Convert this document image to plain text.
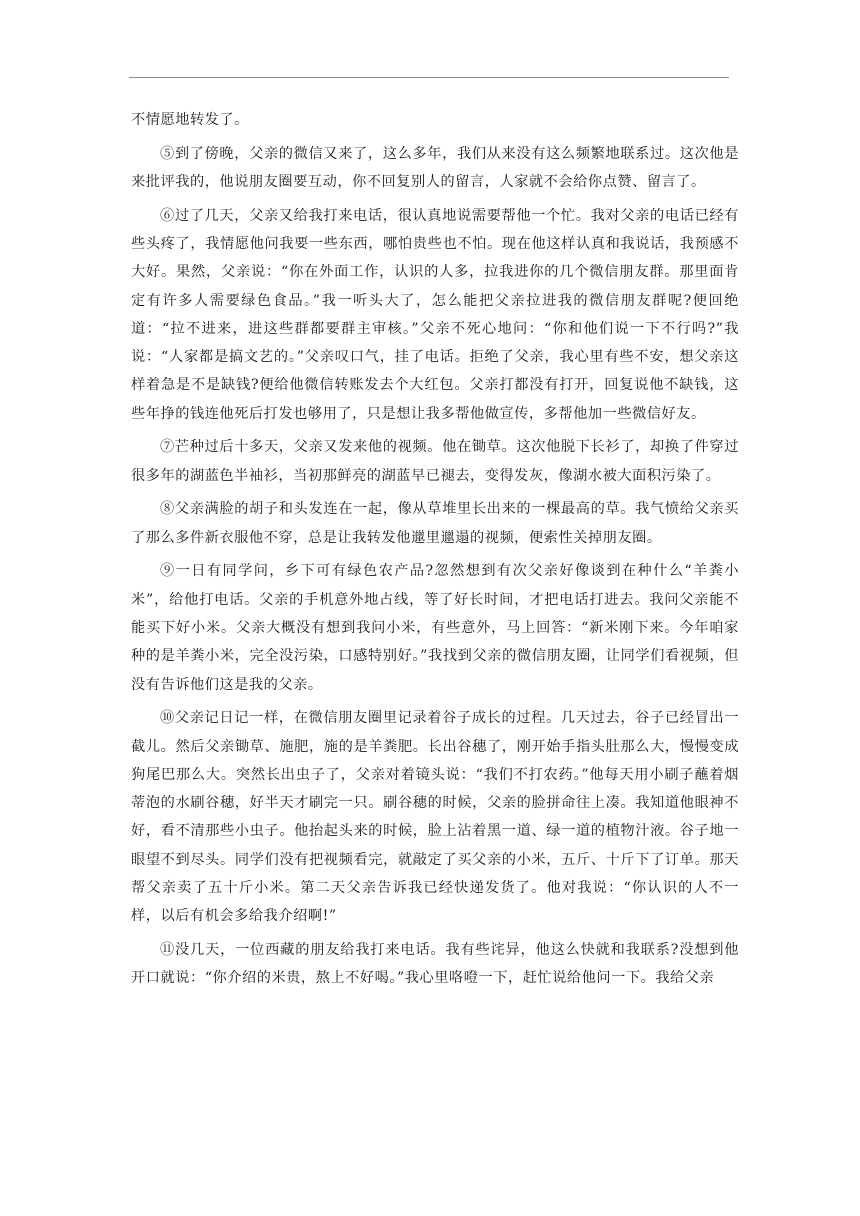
不情愿地转发了。

⑤到了傍晚，父亲的微信又来了，这么多年，我们从来没有这么频繁地联系过。这次他是来批评我的，他说朋友圈要互动，你不回复别人的留言，人家就不会给你点赞、留言了。

⑥过了几天，父亲又给我打来电话，很认真地说需要帮他一个忙。我对父亲的电话已经有些头疼了，我情愿他问我要一些东西，哪怕贵些也不怕。现在他这样认真和我说话，我预感不大好。果然，父亲说：“你在外面工作，认识的人多，拉我进你的几个微信朋友群。那里面肯定有许多人需要绿色食品。”我一听头大了，怎么能把父亲拉进我的微信朋友群呢?便回绝道：“拉不进来，进这些群都要群主审核。”父亲不死心地问：“你和他们说一下不行吗?”我说：“人家都是搞文艺的。”父亲叹口气，挂了电话。拒绝了父亲，我心里有些不安，想父亲这样着急是不是缺钱?便给他微信转账发去个大红包。父亲打都没有打开，回复说他不缺钱，这些年挣的钱连他死后打发也够用了，只是想让我多帮他做宣传，多帮他加一些微信好友。

⑦芒种过后十多天，父亲又发来他的视频。他在锄草。这次他脱下长衫了，却换了件穿过很多年的湖蓝色半袖衫，当初那鲜亮的湖蓝早已褪去，变得发灰，像湖水被大面积污染了。

⑧父亲满脸的胡子和头发连在一起，像从草堆里长出来的一棵最高的草。我气愤给父亲买了那么多件新衣服他不穿，总是让我转发他邋里邋遢的视频，便索性关掉朋友圈。

⑨一日有同学问，乡下可有绿色农产品?忽然想到有次父亲好像谈到在种什么“羊粪小米”，给他打电话。父亲的手机意外地占线，等了好长时间，才把电话打进去。我问父亲能不能买下好小米。父亲大概没有想到我问小米，有些意外，马上回答：“新米刚下来。今年咱家种的是羊粪小米，完全没污染，口感特别好。”我找到父亲的微信朋友圈，让同学们看视频，但没有告诉他们这是我的父亲。

⑩父亲记日记一样，在微信朋友圈里记录着谷子成长的过程。几天过去，谷子已经冒出一截儿。然后父亲锄草、施肥，施的是羊粪肥。长出谷穗了，刚开始手指头肚那么大，慢慢变成狗尾巴那么大。突然长出虫子了，父亲对着镜头说：“我们不打农药。”他每天用小刷子蘸着烟蒂泡的水刷谷穗，好半天才刷完一只。刷谷穗的时候，父亲的脸拼命往上凑。我知道他眼神不好，看不清那些小虫子。他抬起头来的时候，脸上沾着黑一道、绿一道的植物汁液。谷子地一眼望不到尽头。同学们没有把视频看完，就敲定了买父亲的小米，五斤、十斤下了订单。那天帮父亲卖了五十斤小米。第二天父亲告诉我已经快递发货了。他对我说：“你认识的人不一样，以后有机会多给我介绍啊!”

⑪没几天，一位西藏的朋友给我打来电话。我有些诧异，他这么快就和我联系?没想到他开口就说：“你介绍的米贵，熬上不好喝。”我心里咯噔一下，赶忙说给他问一下。我给父亲
